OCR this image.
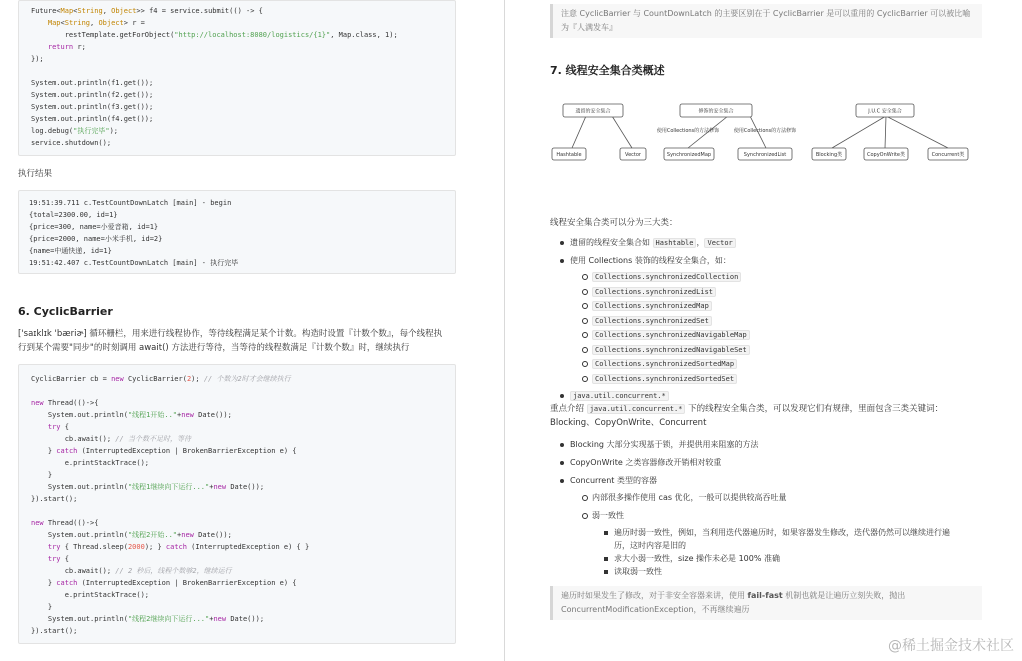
Future<Map<String, Object>> f4 = service.submit(() -> {
Map<String, Object> r =
restTemplate.getForObject("http://localhost:8080/logistics/{1}", Map.class, 1);
return r;
});

System.out.println(f1.get());
System.out.println(f2.get());
System.out.println(f3.get());
System.out.println(f4.get());
log.debug("执行完毕");
service.shutdown();
执行结果
19:51:39.711 c.TestCountDownLatch [main] - begin
{total=2300.00, id=1}
{price=300, name=小爱音箱, id=1}
{price=2000, name=小米手机, id=2}
{name=中通快递, id=1}
19:51:42.407 c.TestCountDownLatch [main] - 执行完毕
6. CyclicBarrier
['saɪklɪk 'bæriɚ] 循环栅栏，用来进行线程协作，等待线程满足某个计数。构造时设置『计数个数』，每个线程执
行到某个需要"同步"的时刻调用 await() 方法进行等待，当等待的线程数满足『计数个数』时，继续执行
CyclicBarrier cb = new CyclicBarrier(2); // 个数为2时才会继续执行

new Thread(()->{
System.out.println("线程1开始.."+new Date());
try {
cb.await(); // 当个数不足时，等待
} catch (InterruptedException | BrokenBarrierException e) {
e.printStackTrace();
}
System.out.println("线程1继续向下运行..."+new Date());
}).start();

new Thread(()->{
System.out.println("线程2开始.."+new Date());
try { Thread.sleep(2000); } catch (InterruptedException e) { }
try {
cb.await(); // 2 秒后，线程个数够2，继续运行
} catch (InterruptedException | BrokenBarrierException e) {
e.printStackTrace();
}
System.out.println("线程2继续向下运行..."+new Date());
}).start();
注意 CyclicBarrier 与 CountDownLatch 的主要区别在于 CyclicBarrier 是可以重用的 CyclicBarrier 可以被比喻为『人满发车』
7. 线程安全集合类概述
遗留的安全集合	修饰的安全集合	J.U.C 安全集合
使用Collections的方法修饰	使用Collections的方法修饰
Hashtable	Vector	SynchronizedMap	SynchronizedList	Blocking类	CopyOnWrite类	Concurrent类
线程安全集合类可以分为三大类：
遗留的线程安全集合如 Hashtable ， Vector
使用 Collections 装饰的线程安全集合，如：
Collections.synchronizedCollection
Collections.synchronizedList
Collections.synchronizedMap
Collections.synchronizedSet
Collections.synchronizedNavigableMap
Collections.synchronizedNavigableSet
Collections.synchronizedSortedMap
Collections.synchronizedSortedSet
java.util.concurrent.*
重点介绍 java.util.concurrent.* 下的线程安全集合类，可以发现它们有规律，里面包含三类关键词：
Blocking、CopyOnWrite、Concurrent
Blocking 大部分实现基于锁，并提供用来阻塞的方法
CopyOnWrite 之类容器修改开销相对较重
Concurrent 类型的容器
内部很多操作使用 cas 优化，一般可以提供较高吞吐量
弱一致性
遍历时弱一致性，例如，当利用迭代器遍历时，如果容器发生修改，迭代器仍然可以继续进行遍
历，这时内容是旧的
求大小弱一致性，size 操作未必是 100% 准确
读取弱一致性
遍历时如果发生了修改，对于非安全容器来讲，使用 fail-fast 机制也就是让遍历立刻失败，抛出
ConcurrentModificationException，不再继续遍历
@稀土掘金技术社区
